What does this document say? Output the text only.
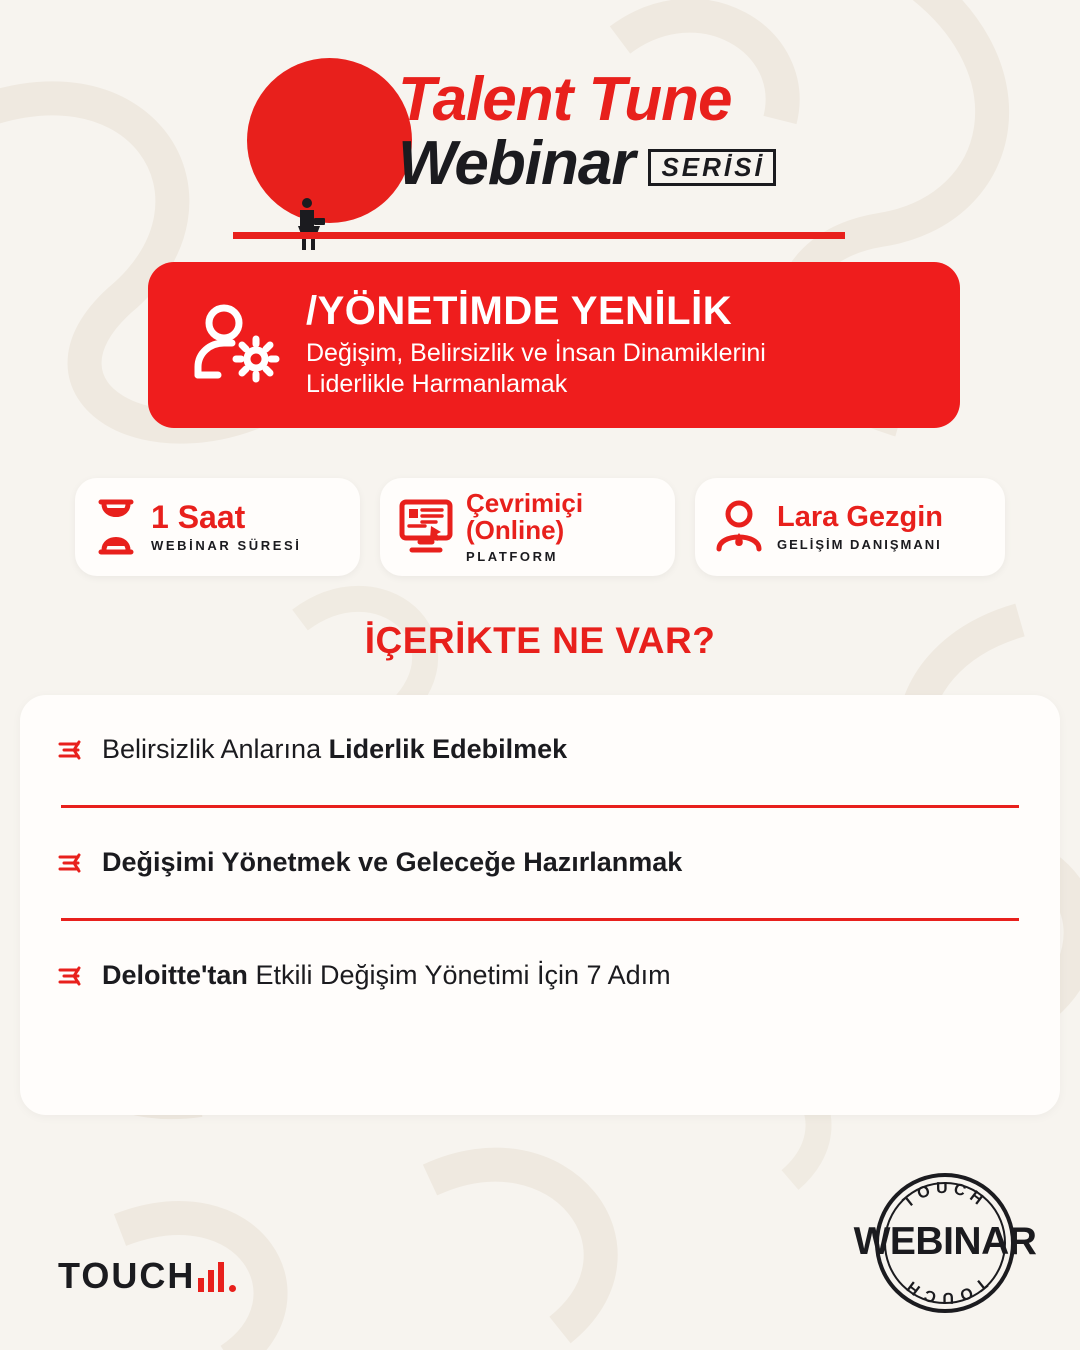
Talent Tune
Webinar	SERİSİ
/YÖNETİMDE YENİLİK
Değişim, Belirsizlik ve İnsan Dinamiklerini
Liderlikle Harmanlamak
1 Saat
WEBİNAR SÜRESİ
Çevrimiçi
(Online)
PLATFORM
Lara Gezgin
GELİŞİM DANIŞMANI
İÇERİKTE NE VAR?
Belirsizlik Anlarına Liderlik Edebilmek
Değişimi Yönetmek ve Geleceğe Hazırlanmak
Deloitte'tan Etkili Değişim Yönetimi İçin 7 Adım
TOUCH
TOUCH
TOUCH
WEBINAR
